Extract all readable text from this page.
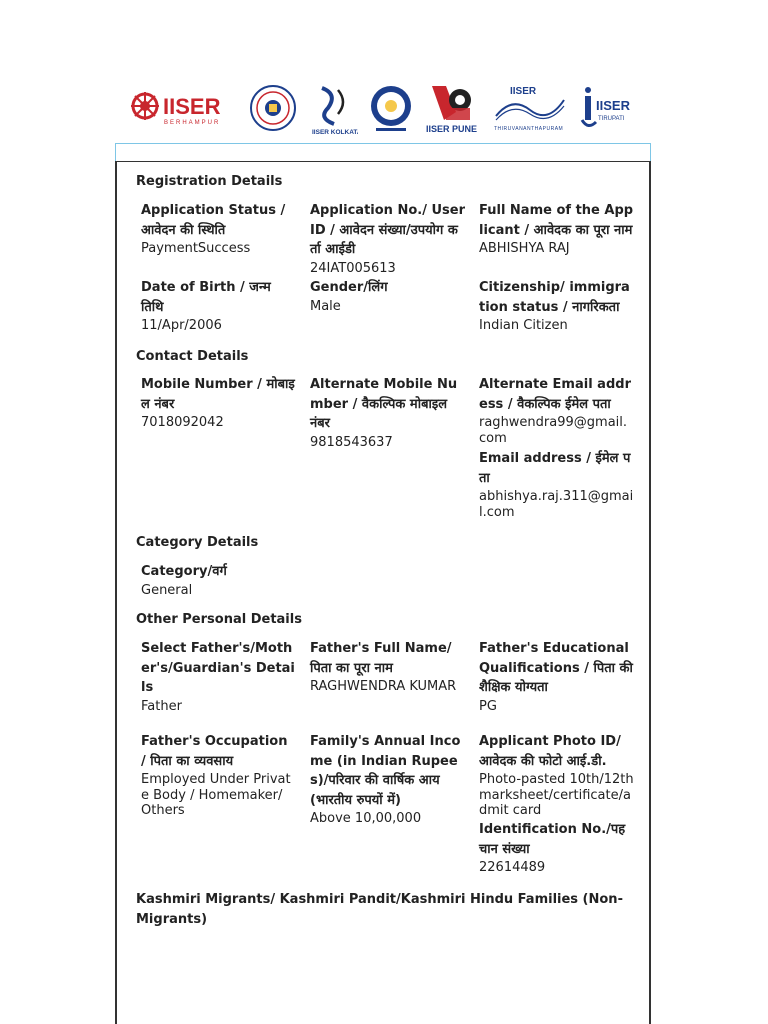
IISER
BERHAMPUR
IISER KOLKATA	IISER PUNE
IISER
THIRUVANANTHAPURAM
IISER
TIRUPATI
Registration Details
Application Status / आवेदन की स्थिति
PaymentSuccess
Application No./ User ID / आवेदन संख्या/उपयोग कर्ता आईडी
24IAT005613
Full Name of the Applicant / आवेदक का पूरा नाम
ABHISHYA RAJ
Date of Birth / जन्म तिथि
11/Apr/2006
Gender/लिंग
Male
Citizenship/ immigration status / नागरिकता
Indian Citizen
Contact Details
Mobile Number / मोबाइल नंबर
7018092042
Alternate Mobile Number / वैकल्पिक मोबाइल नंबर
9818543637
Alternate Email address / वैकल्पिक ईमेल पता
raghwendra99@gmail.com
Email address / ईमेल पता
abhishya.raj.311@gmail.com
Category Details
Category/वर्ग
General
Other Personal Details
Select Father's/Mother's/Guardian's Details
Father
Father's Full Name/ पिता का पूरा नाम
RAGHWENDRA KUMAR
Father's Educational Qualifications / पिता की शैक्षिक योग्यता
PG
Father's Occupation / पिता का व्यवसाय
Employed Under Private Body / Homemaker/ Others
Family's Annual Income (in Indian Rupees)/परिवार की वार्षिक आय (भारतीय रुपयों में)
Above 10,00,000
Applicant Photo ID/ आवेदक की फोटो आई.डी.
Photo-pasted 10th/12th marksheet/certificate/admit card
Identification No./पहचान संख्या
22614489
Kashmiri Migrants/ Kashmiri Pandit/Kashmiri Hindu Families (Non-Migrants)
